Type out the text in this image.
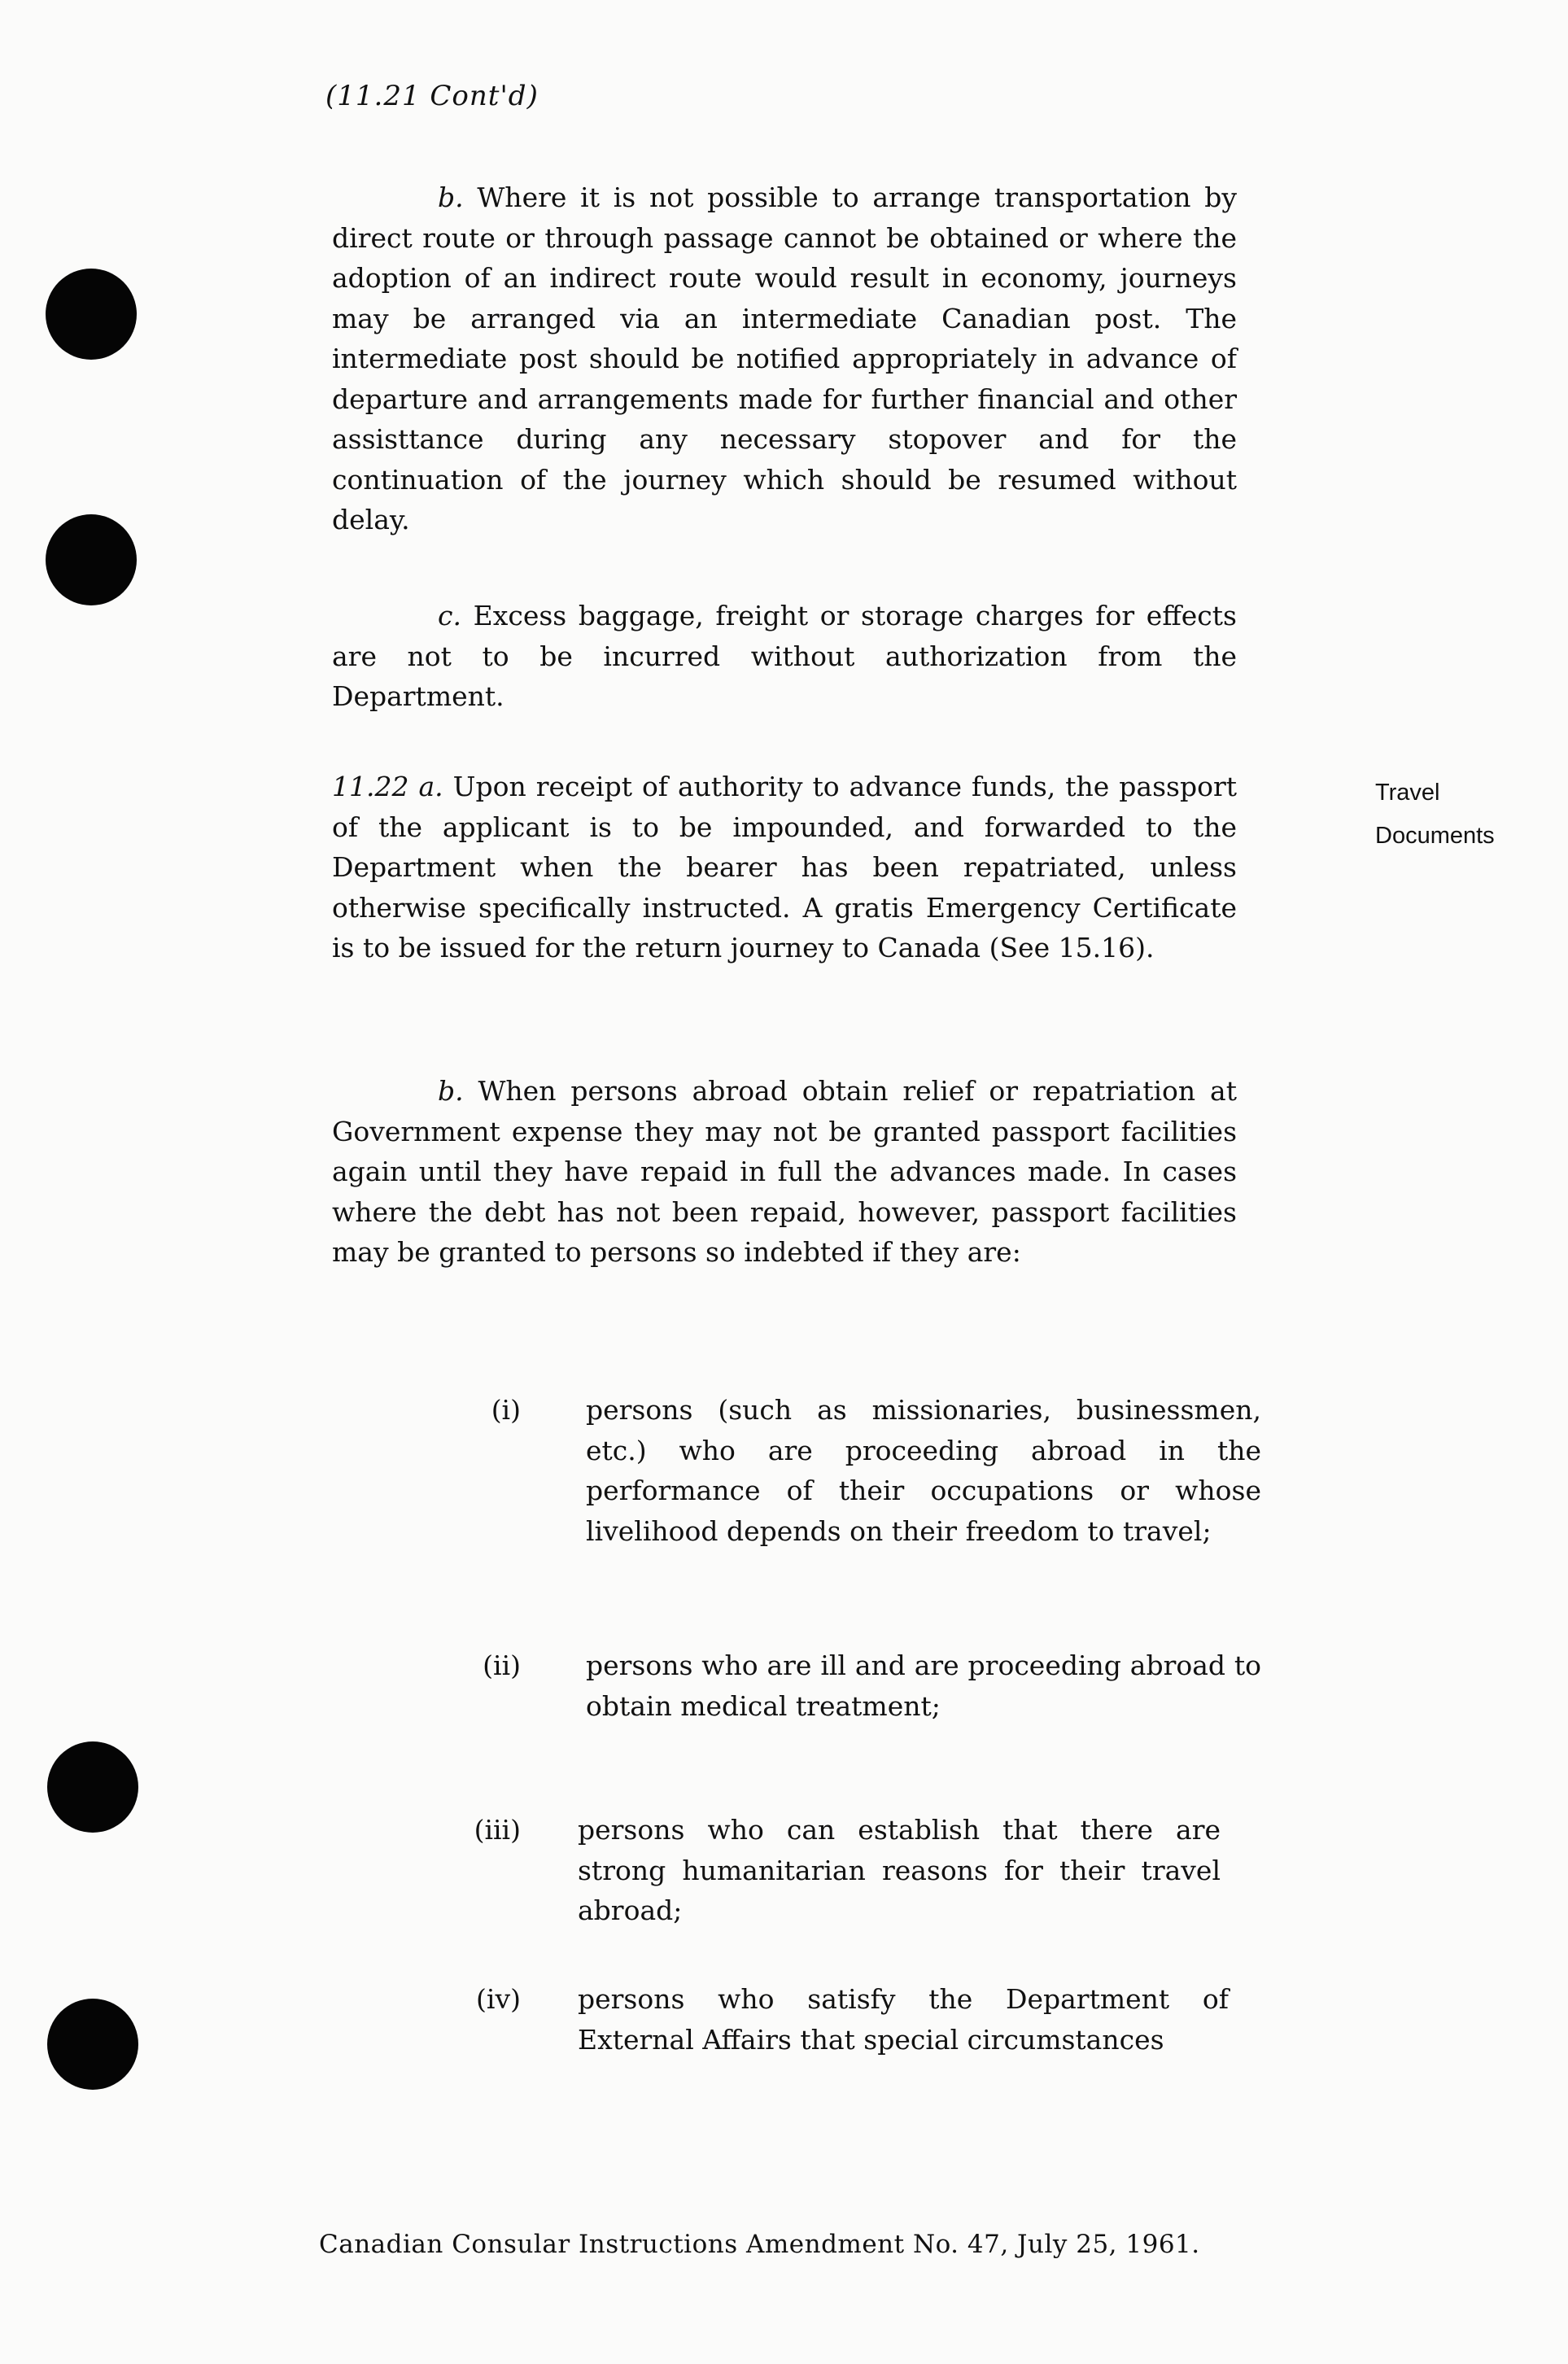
(11.21 Cont'd)
b. Where it is not possible to arrange transportation by direct route or through passage cannot be obtained or where the adoption of an indirect route would result in economy, journeys may be arranged via an intermediate Canadian post. The intermediate post should be notified appropriately in advance of departure and arrangements made for further financial and other assisttance during any necessary stopover and for the continuation of the journey which should be resumed without delay.
c. Excess baggage, freight or storage charges for effects are not to be incurred without authorization from the Department.
11.22 a. Upon receipt of authority to advance funds, the passport of the applicant is to be impounded, and forwarded to the Department when the bearer has been repatriated, unless otherwise specifically instructed. A gratis Emergency Certificate is to be issued for the return journey to Canada (See 15.16).
Travel
Documents
b. When persons abroad obtain relief or repatriation at Government expense they may not be granted passport facilities again until they have repaid in full the advances made. In cases where the debt has not been repaid, however, passport facilities may be granted to persons so indebted if they are:
(i) persons (such as missionaries, businessmen, etc.) who are proceeding abroad in the performance of their occupations or whose livelihood depends on their freedom to travel;
(ii) persons who are ill and are proceeding abroad to obtain medical treatment;
(iii) persons who can establish that there are strong humanitarian reasons for their travel abroad;
(iv) persons who satisfy the Department of External Affairs that special circumstances
Canadian Consular Instructions Amendment No. 47, July 25, 1961.
